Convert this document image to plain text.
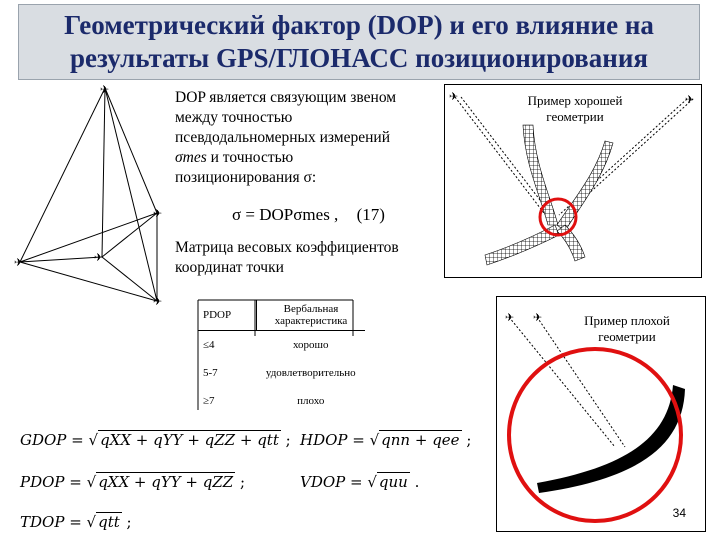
Геометрический фактор (DOP) и его влияние на
результаты GPS/ГЛОНАСС позиционирования
✈
✈
✈
✈
✈
DOP является связующим звеном
между точностью
псевдодальномерных измерений
σmes и точностью
позиционирования σ:
σ = DOPσmes , (17)
Матрица весовых коэффициентов
координат точки
PDOP	Вербальная характеристика
≤4	хорошо
5-7	удовлетворительно
≥7	плохо
Пример хорошей
геометрии
✈	✈
Пример плохой
геометрии
✈ ✈
GDOP = √ qXX + qYY + qZZ + qtt ; HDOP = √ qnn + qee ;
PDOP = √ qXX + qYY + qZZ ;	VDOP = √ quu .
TDOP = √ qtt ;	34
